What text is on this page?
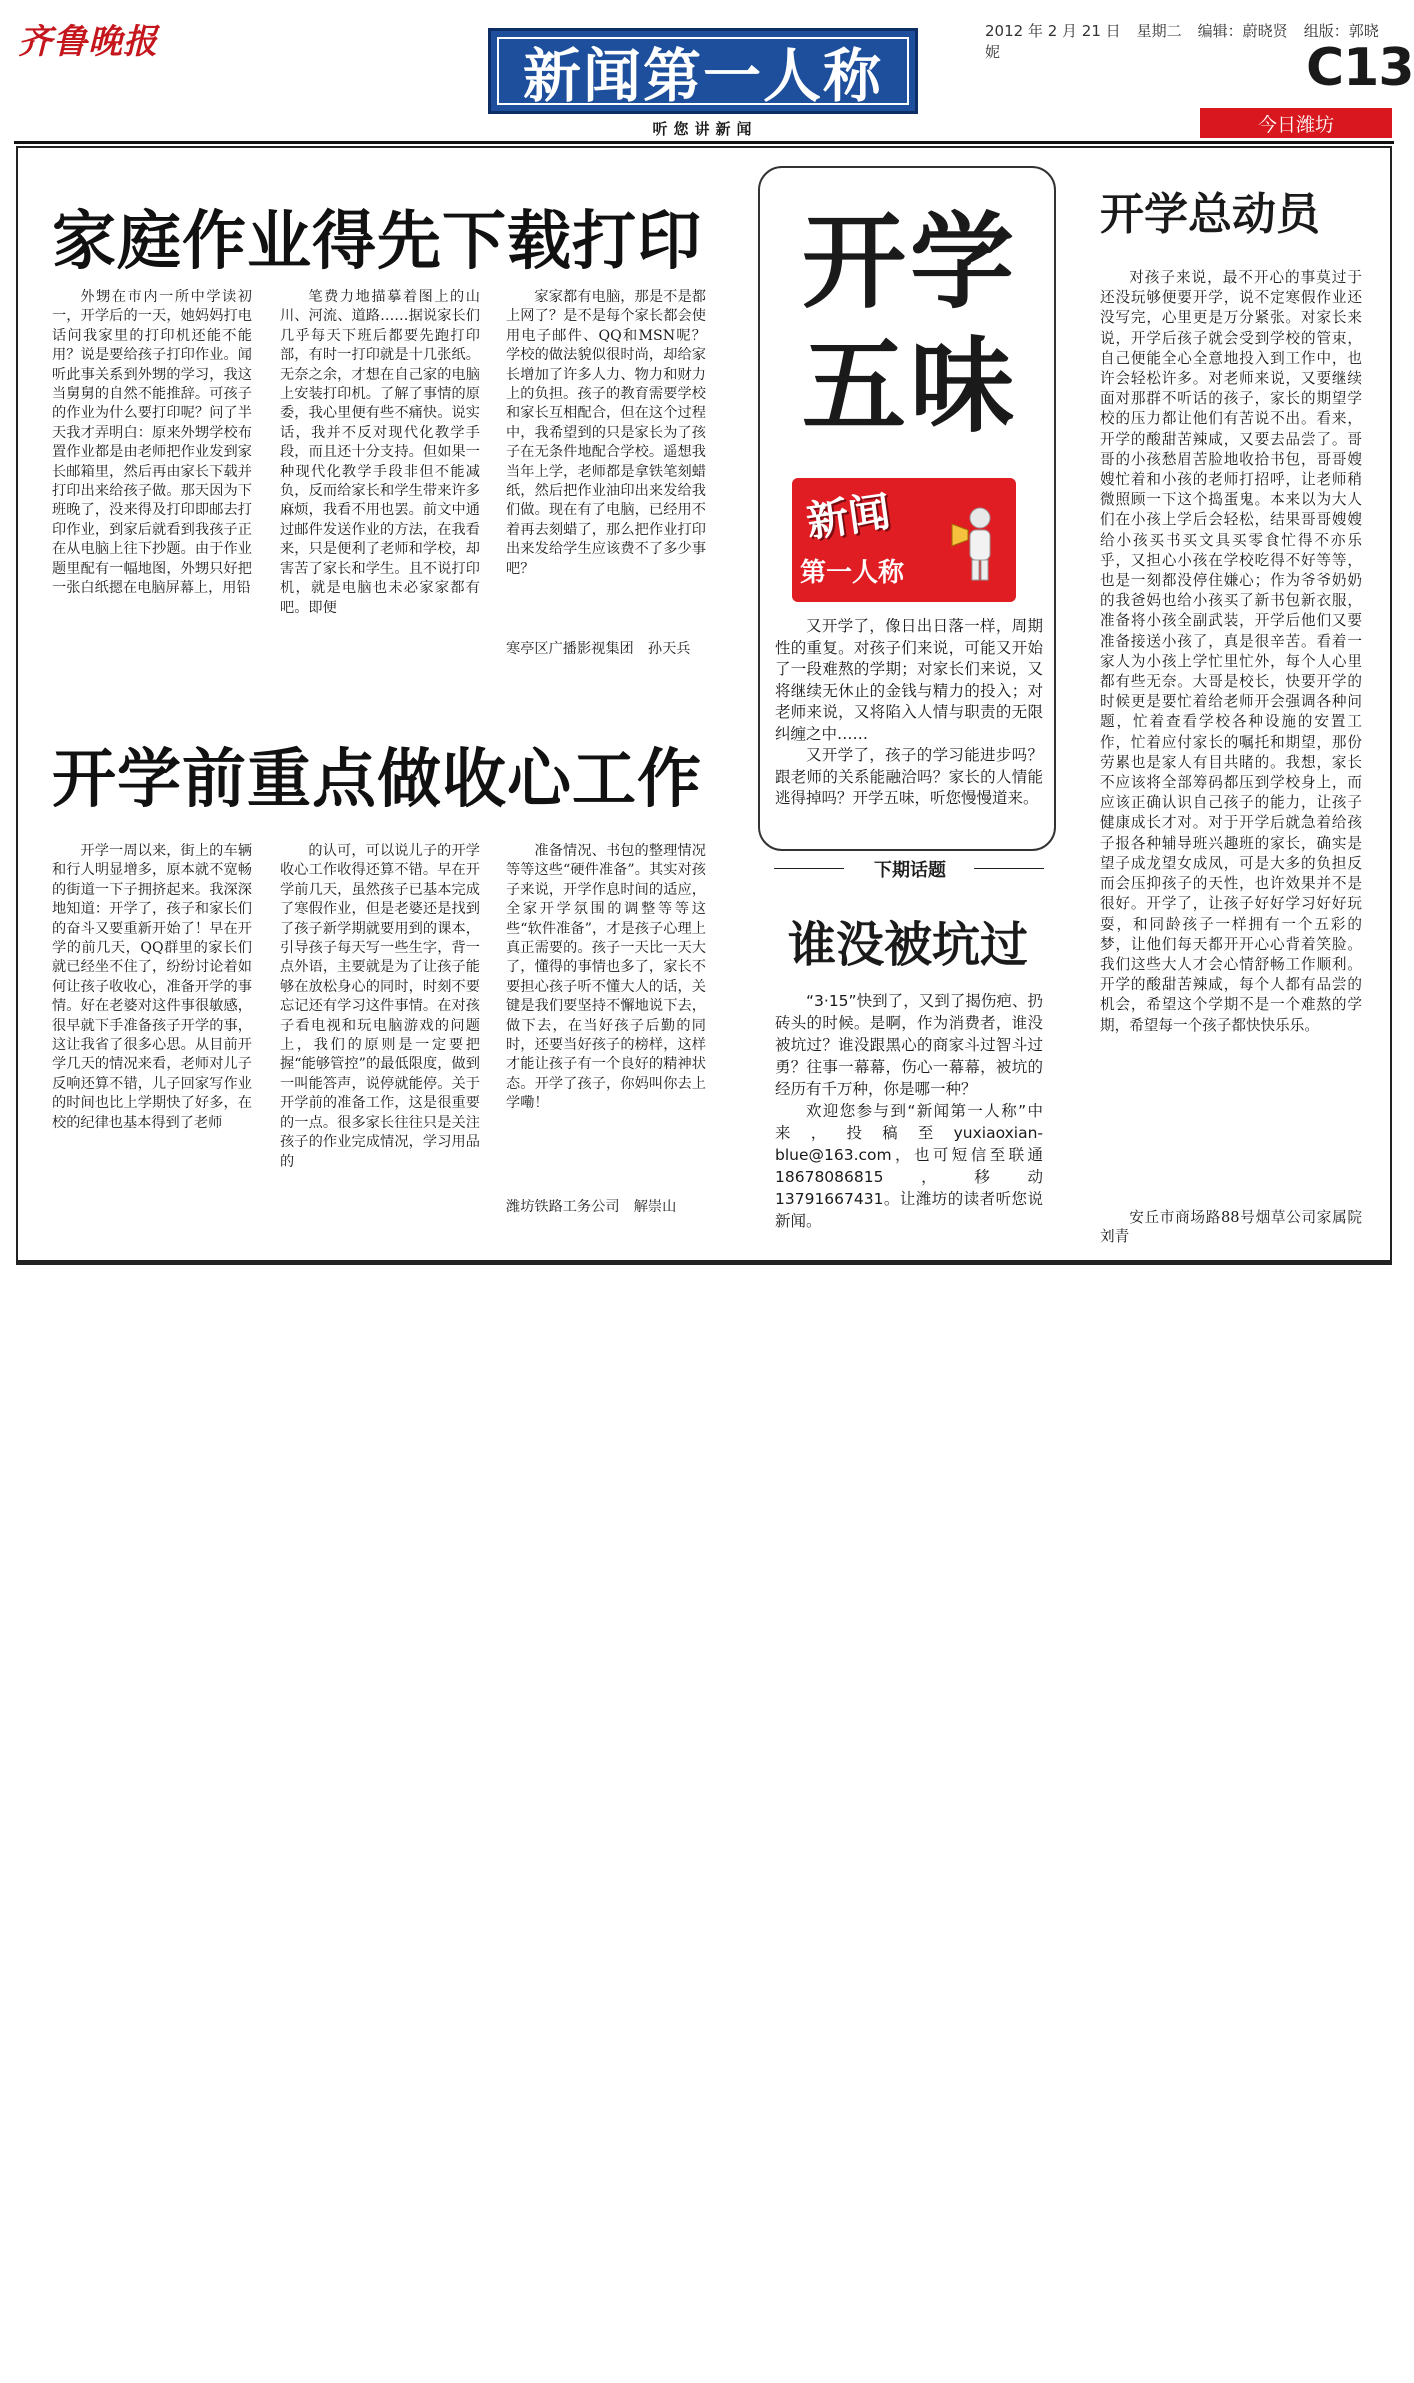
齐鲁晚报	新闻第一人称
听您讲新闻
2012 年 2 月 21 日 星期二 编辑：蔚晓贤 组版：郭晓妮	C13
今日潍坊
家庭作业得先下载打印

外甥在市内一所中学读初一，开学后的一天，她妈妈打电话问我家里的打印机还能不能用？说是要给孩子打印作业。闻听此事关系到外甥的学习，我这当舅舅的自然不能推辞。可孩子的作业为什么要打印呢？问了半天我才弄明白：原来外甥学校布置作业都是由老师把作业发到家长邮箱里，然后再由家长下载并打印出来给孩子做。那天因为下班晚了，没来得及打印即邮去打印作业，到家后就看到我孩子正在从电脑上往下抄题。由于作业题里配有一幅地图，外甥只好把一张白纸摁在电脑屏幕上，用铅

笔费力地描摹着图上的山川、河流、道路……据说家长们几乎每天下班后都要先跑打印部，有时一打印就是十几张纸。无奈之余，才想在自己家的电脑上安装打印机。了解了事情的原委，我心里便有些不痛快。说实话，我并不反对现代化教学手段，而且还十分支持。但如果一种现代化教学手段非但不能减负，反而给家长和学生带来许多麻烦，我看不用也罢。前文中通过邮件发送作业的方法，在我看来，只是便利了老师和学校，却害苦了家长和学生。且不说打印机，就是电脑也未必家家都有吧。即便

家家都有电脑，那是不是都上网了？是不是每个家长都会使用电子邮件、QQ和MSN呢？学校的做法貌似很时尚，却给家长增加了许多人力、物力和财力上的负担。孩子的教育需要学校和家长互相配合，但在这个过程中，我希望到的只是家长为了孩子在无条件地配合学校。遥想我当年上学，老师都是拿铁笔刻蜡纸，然后把作业油印出来发给我们做。现在有了电脑，已经用不着再去刻蜡了，那么把作业打印出来发给学生应该费不了多少事吧？

寒亭区广播影视集团　孙天兵
开学前重点做收心工作

开学一周以来，街上的车辆和行人明显增多，原本就不宽畅的街道一下子拥挤起来。我深深地知道：开学了，孩子和家长们的奋斗又要重新开始了！早在开学的前几天，QQ群里的家长们就已经坐不住了，纷纷讨论着如何让孩子收收心，准备开学的事情。好在老婆对这件事很敏感，很早就下手准备孩子开学的事，这让我省了很多心思。从目前开学几天的情况来看，老师对儿子反响还算不错，儿子回家写作业的时间也比上学期快了好多，在校的纪律也基本得到了老师

的认可，可以说儿子的开学收心工作收得还算不错。早在开学前几天，虽然孩子已基本完成了寒假作业，但是老婆还是找到了孩子新学期就要用到的课本，引导孩子每天写一些生字，背一点外语，主要就是为了让孩子能够在放松身心的同时，时刻不要忘记还有学习这件事情。在对孩子看电视和玩电脑游戏的问题上，我们的原则是一定要把握“能够管控”的最低限度，做到一叫能答声，说停就能停。关于开学前的准备工作，这是很重要的一点。很多家长往往只是关注孩子的作业完成情况，学习用品的

准备情况、书包的整理情况等等这些“硬件准备”。其实对孩子来说，开学作息时间的适应，全家开学氛围的调整等等这些“软件准备”，才是孩子心理上真正需要的。孩子一天比一天大了，懂得的事情也多了，家长不要担心孩子听不懂大人的话，关键是我们要坚持不懈地说下去，做下去，在当好孩子后勤的同时，还要当好孩子的榜样，这样才能让孩子有一个良好的精神状态。开学了孩子，你妈叫你去上学嘞！

潍坊铁路工务公司　解崇山
开学
五味
新闻
第一人称

又开学了，像日出日落一样，周期性的重复。对孩子们来说，可能又开始了一段难熬的学期；对家长们来说，又将继续无休止的金钱与精力的投入；对老师来说，又将陷入人情与职责的无限纠缠之中……

又开学了，孩子的学习能进步吗？跟老师的关系能融洽吗？家长的人情能逃得掉吗？开学五味，听您慢慢道来。

下期话题
谁没被坑过

“3·15”快到了，又到了揭伤疤、扔砖头的时候。是啊，作为消费者，谁没被坑过？谁没跟黑心的商家斗过智斗过勇？往事一幕幕，伤心一幕幕，被坑的经历有千万种，你是哪一种？

欢迎您参与到“新闻第一人称”中来，投稿至yuxiaoxian-blue@163.com，也可短信至联通18678086815，移动13791667431。让潍坊的读者听您说新闻。

开学总动员

对孩子来说，最不开心的事莫过于还没玩够便要开学，说不定寒假作业还没写完，心里更是万分紧张。对家长来说，开学后孩子就会受到学校的管束，自己便能全心全意地投入到工作中，也许会轻松许多。对老师来说，又要继续面对那群不听话的孩子，家长的期望学校的压力都让他们有苦说不出。看来，开学的酸甜苦辣咸，又要去品尝了。哥哥的小孩愁眉苦脸地收拾书包，哥哥嫂嫂忙着和小孩的老师打招呼，让老师稍微照顾一下这个捣蛋鬼。本来以为大人们在小孩上学后会轻松，结果哥哥嫂嫂给小孩买书买文具买零食忙得不亦乐乎，又担心小孩在学校吃得不好等等，也是一刻都没停住嫌心；作为爷爷奶奶的我爸妈也给小孩买了新书包新衣服，准备将小孩全副武装，开学后他们又要准备接送小孩了，真是很辛苦。看着一家人为小孩上学忙里忙外，每个人心里都有些无奈。大哥是校长，快要开学的时候更是要忙着给老师开会强调各种问题，忙着查看学校各种设施的安置工作，忙着应付家长的嘱托和期望，那份劳累也是家人有目共睹的。我想，家长不应该将全部筹码都压到学校身上，而应该正确认识自己孩子的能力，让孩子健康成长才对。对于开学后就急着给孩子报各种辅导班兴趣班的家长，确实是望子成龙望女成凤，可是大多的负担反而会压抑孩子的天性，也许效果并不是很好。开学了，让孩子好好学习好好玩耍，和同龄孩子一样拥有一个五彩的梦，让他们每天都开开心心背着笑脸。我们这些大人才会心情舒畅工作顺利。开学的酸甜苦辣咸，每个人都有品尝的机会，希望这个学期不是一个难熬的学期，希望每一个孩子都快快乐乐。

安丘市商场路88号烟草公司家属院　刘青
